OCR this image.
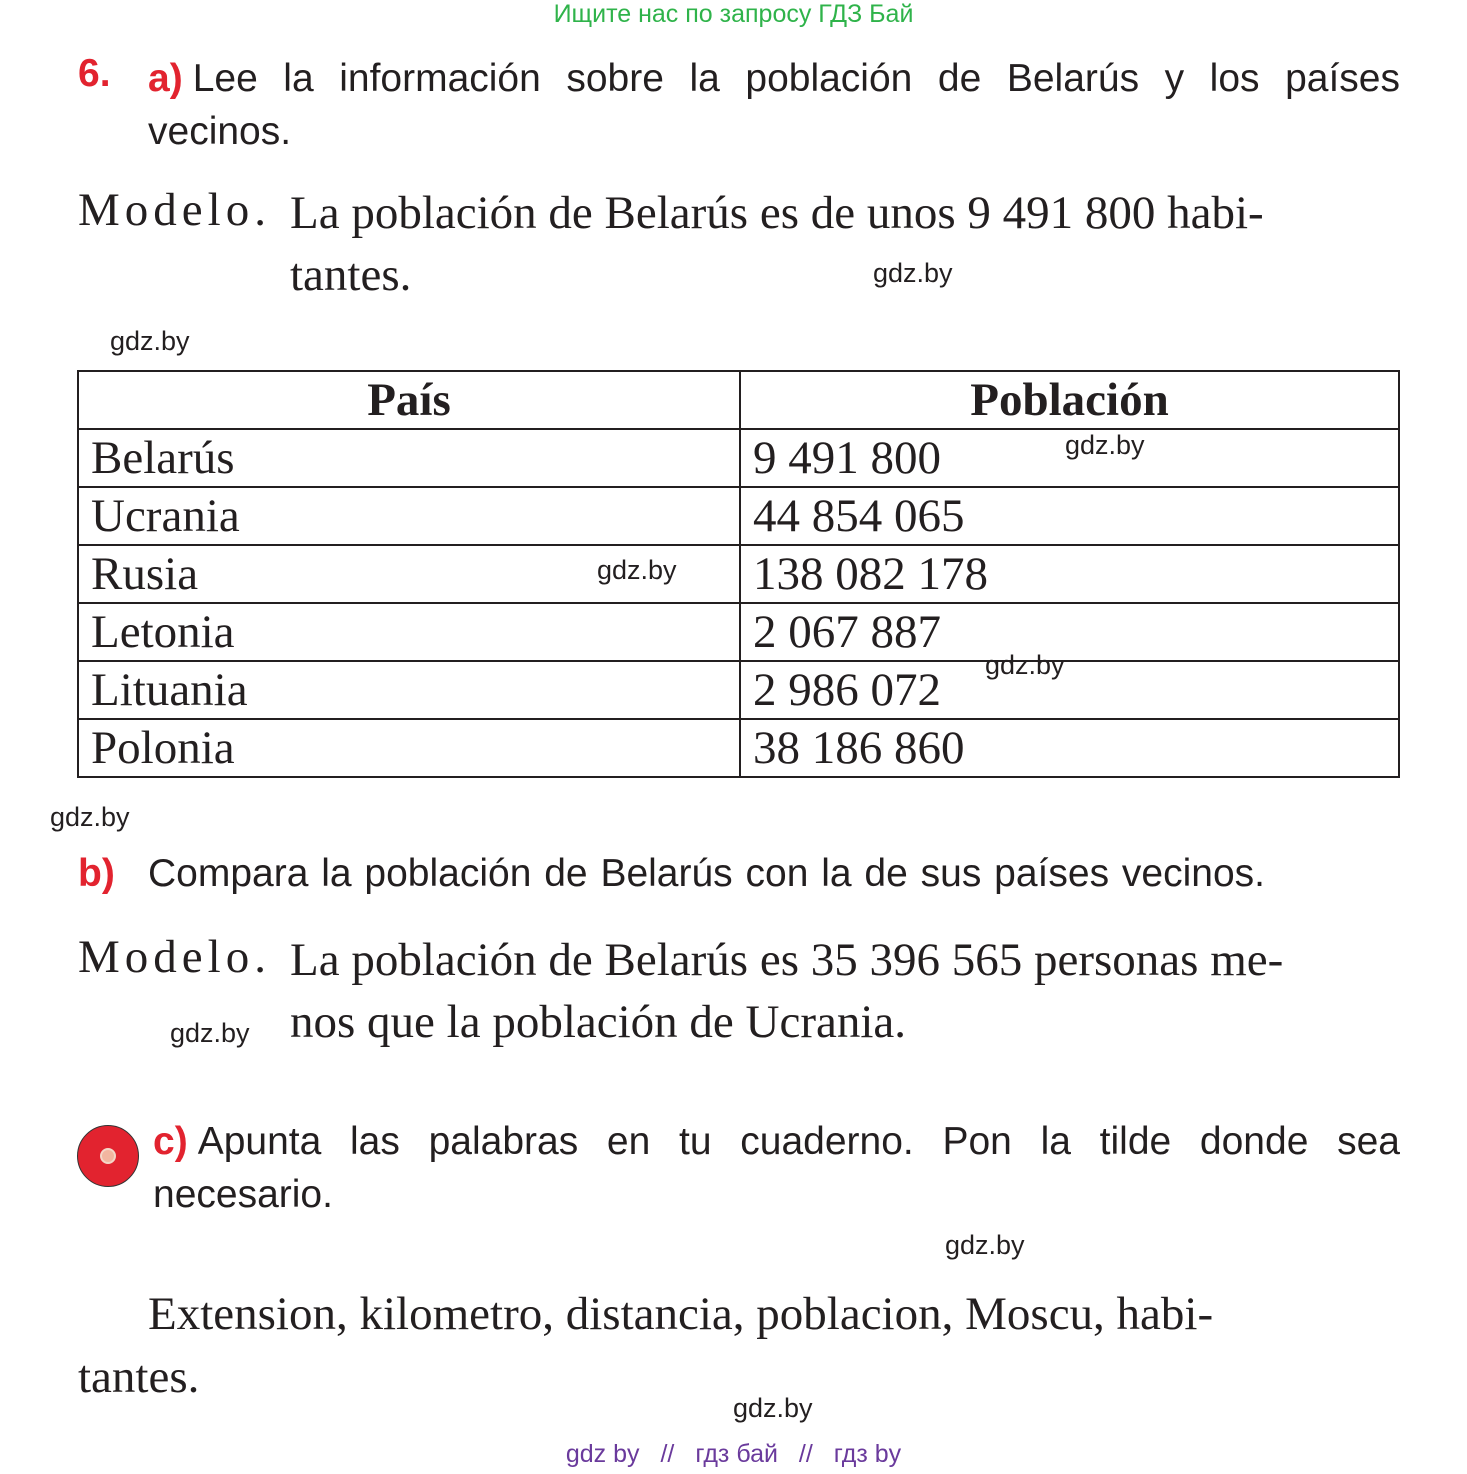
Ищите нас по запросу ГДЗ Бай
6. a) Lee la información sobre la población de Belarús y los países vecinos.
Modelo. La población de Belarús es de unos 9 491 800 habi-
tantes.	gdz.by
gdz.by
País	Población
Belarús	9 491 800
Ucrania	44 854 065
Rusia	138 082 178
Letonia	2 067 887
Lituania	2 986 072
Polonia	38 186 860
gdz.by
gdz.by
gdz.by
gdz.by
b) Compara la población de Belarús con la de sus países vecinos.
Modelo. La población de Belarús es 35 396 565 personas me-
nos que la población de Ucrania.
gdz.by
c) Apunta las palabras en tu cuaderno. Pon la tilde donde sea necesario.
gdz.by
Extension, kilometro, distancia, poblacion, Moscu, habi-
tantes.
gdz.by
gdz by // гдз бай // гдз by
